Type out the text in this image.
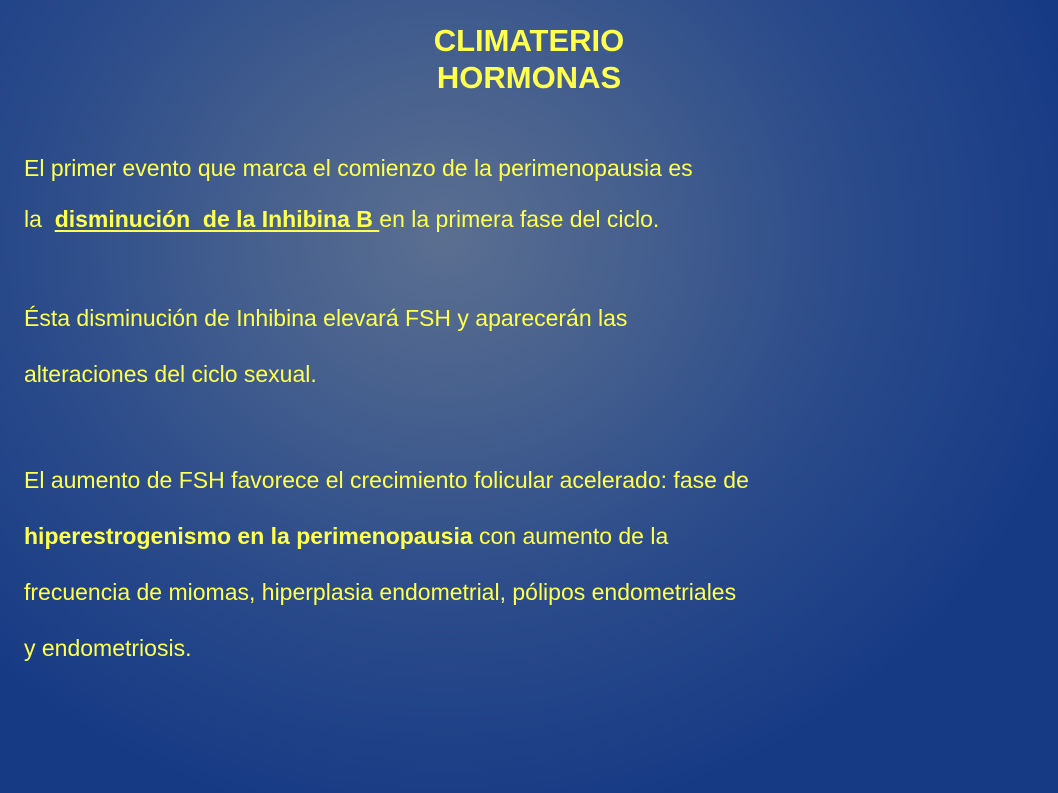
CLIMATERIO
HORMONAS
El primer evento que marca el comienzo de la perimenopausia es
la  disminución  de la Inhibina B en la primera fase del ciclo.
Ésta disminución de Inhibina elevará FSH y aparecerán las
alteraciones del ciclo sexual.
El aumento de FSH favorece el crecimiento folicular acelerado: fase de
hiperestrogenismo en la perimenopausia con aumento de la
frecuencia de miomas, hiperplasia endometrial, pólipos endometriales
y endometriosis.
